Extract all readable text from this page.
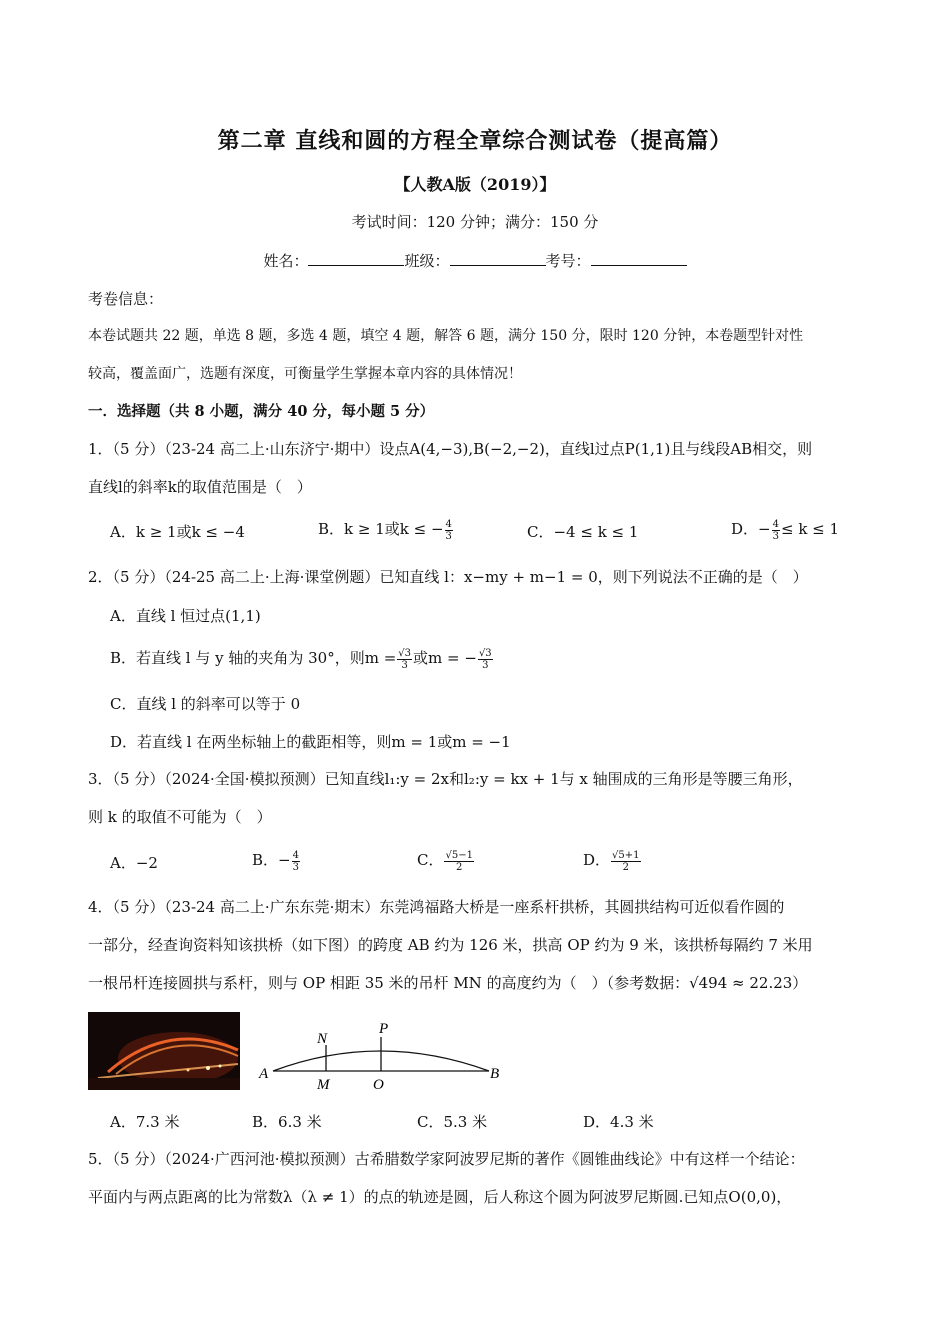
第二章 直线和圆的方程全章综合测试卷（提高篇）
【人教A版（2019）】
考试时间：120 分钟；满分：150 分
姓名：	班级：	考号：
考卷信息：
本卷试题共 22 题，单选 8 题，多选 4 题，填空 4 题，解答 6 题，满分 150 分，限时 120 分钟，本卷题型针对性
较高，覆盖面广，选题有深度，可衡量学生掌握本章内容的具体情况！
一．选择题（共 8 小题，满分 40 分，每小题 5 分）
1．（5 分）（23-24 高二上·山东济宁·期中）设点A(4,−3),B(−2,−2)，直线l过点P(1,1)且与线段AB相交，则
直线l的斜率k的取值范围是（　）
A．k ≥ 1或k ≤ −4	B．k ≥ 1或k ≤ − $\frac{4}{3}$	C．−4 ≤ k ≤ 1	D．− $\frac{4}{3} \le k \le 1$
2．（5 分）（24-25 高二上·上海·课堂例题）已知直线 l：x−my + m−1 = 0，则下列说法不正确的是（　）
A．直线 l 恒过点(1,1)
B．若直线 l 与 y 轴的夹角为 30°，则$m = \frac{√3}{3}$ 或m = − $\frac{√3}{3}$
C．直线 l 的斜率可以等于 0
D．若直线 l 在两坐标轴上的截距相等，则m = 1或m = −1
3．（5 分）（2024·全国·模拟预测）已知直线l₁:y = 2x和l₂:y = kx + 1与 x 轴围成的三角形是等腰三角形，
则 k 的取值不可能为（　）
A．−2	B．− $\frac{4}{3}$	C． $\frac{√5-1}{2}$	D． $\frac{√5+1}{2}$
4．（5 分）（23-24 高二上·广东东莞·期末）东莞鸿福路大桥是一座系杆拱桥，其圆拱结构可近似看作圆的
一部分，经查询资料知该拱桥（如下图）的跨度 AB 约为 126 米，拱高 OP 约为 9 米，该拱桥每隔约 7 米用
一根吊杆连接圆拱与系杆，则与 OP 相距 35 米的吊杆 MN 的高度约为（　）（参考数据：√494 ≈ 22.23）
A	B
N
P
M	O
A．7.3 米	B．6.3 米	C．5.3 米	D．4.3 米
5．（5 分）（2024·广西河池·模拟预测）古希腊数学家阿波罗尼斯的著作《圆锥曲线论》中有这样一个结论：
平面内与两点距离的比为常数λ（λ ≠ 1）的点的轨迹是圆，后人称这个圆为阿波罗尼斯圆.已知点O(0,0)，
